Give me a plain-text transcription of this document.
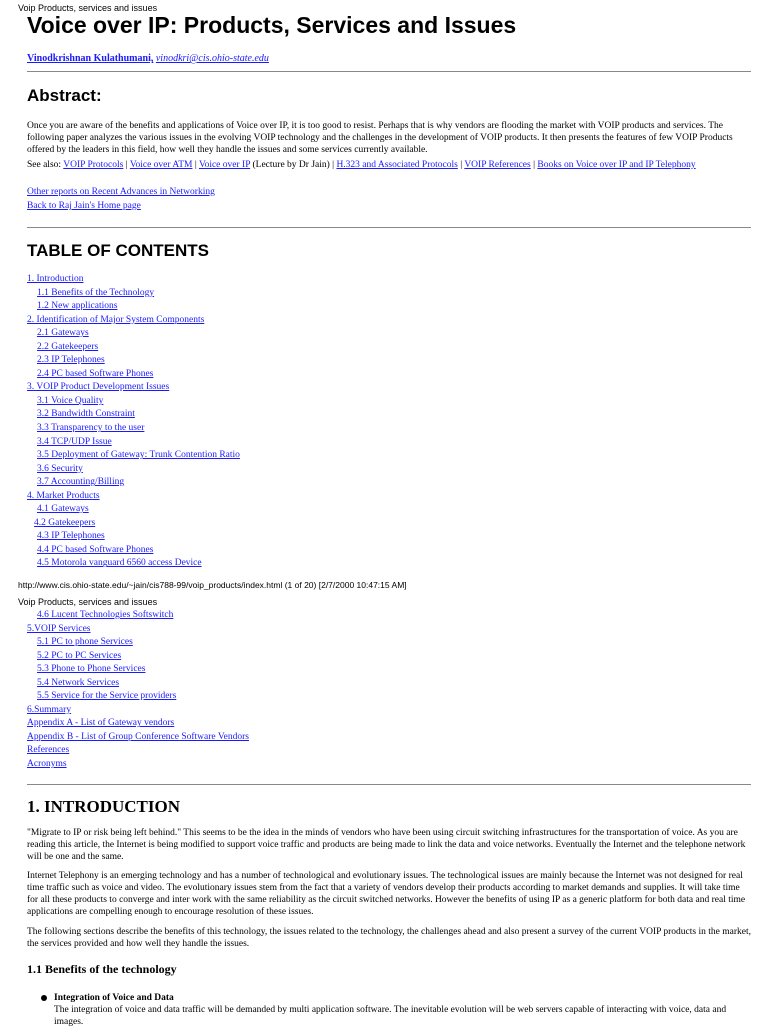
Voip Products, services and issues
Voice over IP: Products, Services and Issues
Vinodkrishnan Kulathumani, vinodkri@cis.ohio-state.edu
Abstract:

Once you are aware of the benefits and applications of Voice over IP, it is too good to resist. Perhaps that is why vendors are flooding the market with VOIP products and services. The following paper analyzes the various issues in the evolving VOIP technology and the challenges in the development of VOIP products. It then presents the features of few VOIP Products offered by the leaders in this field, how well they handle the issues and some services currently available.

See also: VOIP Protocols | Voice over ATM | Voice over IP (Lecture by Dr Jain) | H.323 and Associated Protocols | VOIP References | Books on Voice over IP and IP Telephony
Other reports on Recent Advances in Networking
Back to Raj Jain's Home page
TABLE OF CONTENTS
1. Introduction
1.1 Benefits of the Technology
1.2 New applications
2. Identification of Major System Components
2.1 Gateways
2.2 Gatekeepers
2.3 IP Telephones
2.4 PC based Software Phones
3. VOIP Product Development Issues
3.1 Voice Quality
3.2 Bandwidth Constraint
3.3 Transparency to the user
3.4 TCP/UDP Issue
3.5 Deployment of Gateway: Trunk Contention Ratio
3.6 Security
3.7 Accounting/Billing
4. Market Products
4.1 Gateways
4.2 Gatekeepers
4.3 IP Telephones
4.4 PC based Software Phones
4.5 Motorola vanguard 6560 access Device
http://www.cis.ohio-state.edu/~jain/cis788-99/voip_products/index.html (1 of 20) [2/7/2000 10:47:15 AM]
Voip Products, services and issues
4.6 Lucent Technologies Softswitch
5.VOIP Services
5.1 PC to phone Services
5.2 PC to PC Services
5.3 Phone to Phone Services
5.4 Network Services
5.5 Service for the Service providers
6.Summary
Appendix A - List of Gateway vendors
Appendix B - List of Group Conference Software Vendors
References
Acronyms
1. INTRODUCTION

"Migrate to IP or risk being left behind." This seems to be the idea in the minds of vendors who have been using circuit switching infrastructures for the transportation of voice. As you are reading this article, the Internet is being modified to support voice traffic and products are being made to link the data and voice networks. Eventually the Internet and the telephone network will be one and the same.

Internet Telephony is an emerging technology and has a number of technological and evolutionary issues. The technological issues are mainly because the Internet was not designed for real time traffic such as voice and video. The evolutionary issues stem from the fact that a variety of vendors develop their products according to market demands and supplies. It will take time for all these products to converge and inter work with the same reliability as the circuit switched networks. However the benefits of using IP as a generic platform for both data and real time applications are compelling enough to encourage resolution of these issues.

The following sections describe the benefits of this technology, the issues related to the technology, the challenges ahead and also present a survey of the current VOIP products in the market, the services provided and how well they handle the issues.

1.1 Benefits of the technology
Integration of Voice and Data
The integration of voice and data traffic will be demanded by multi application software. The inevitable evolution will be web servers capable of interacting with voice, data and images.
